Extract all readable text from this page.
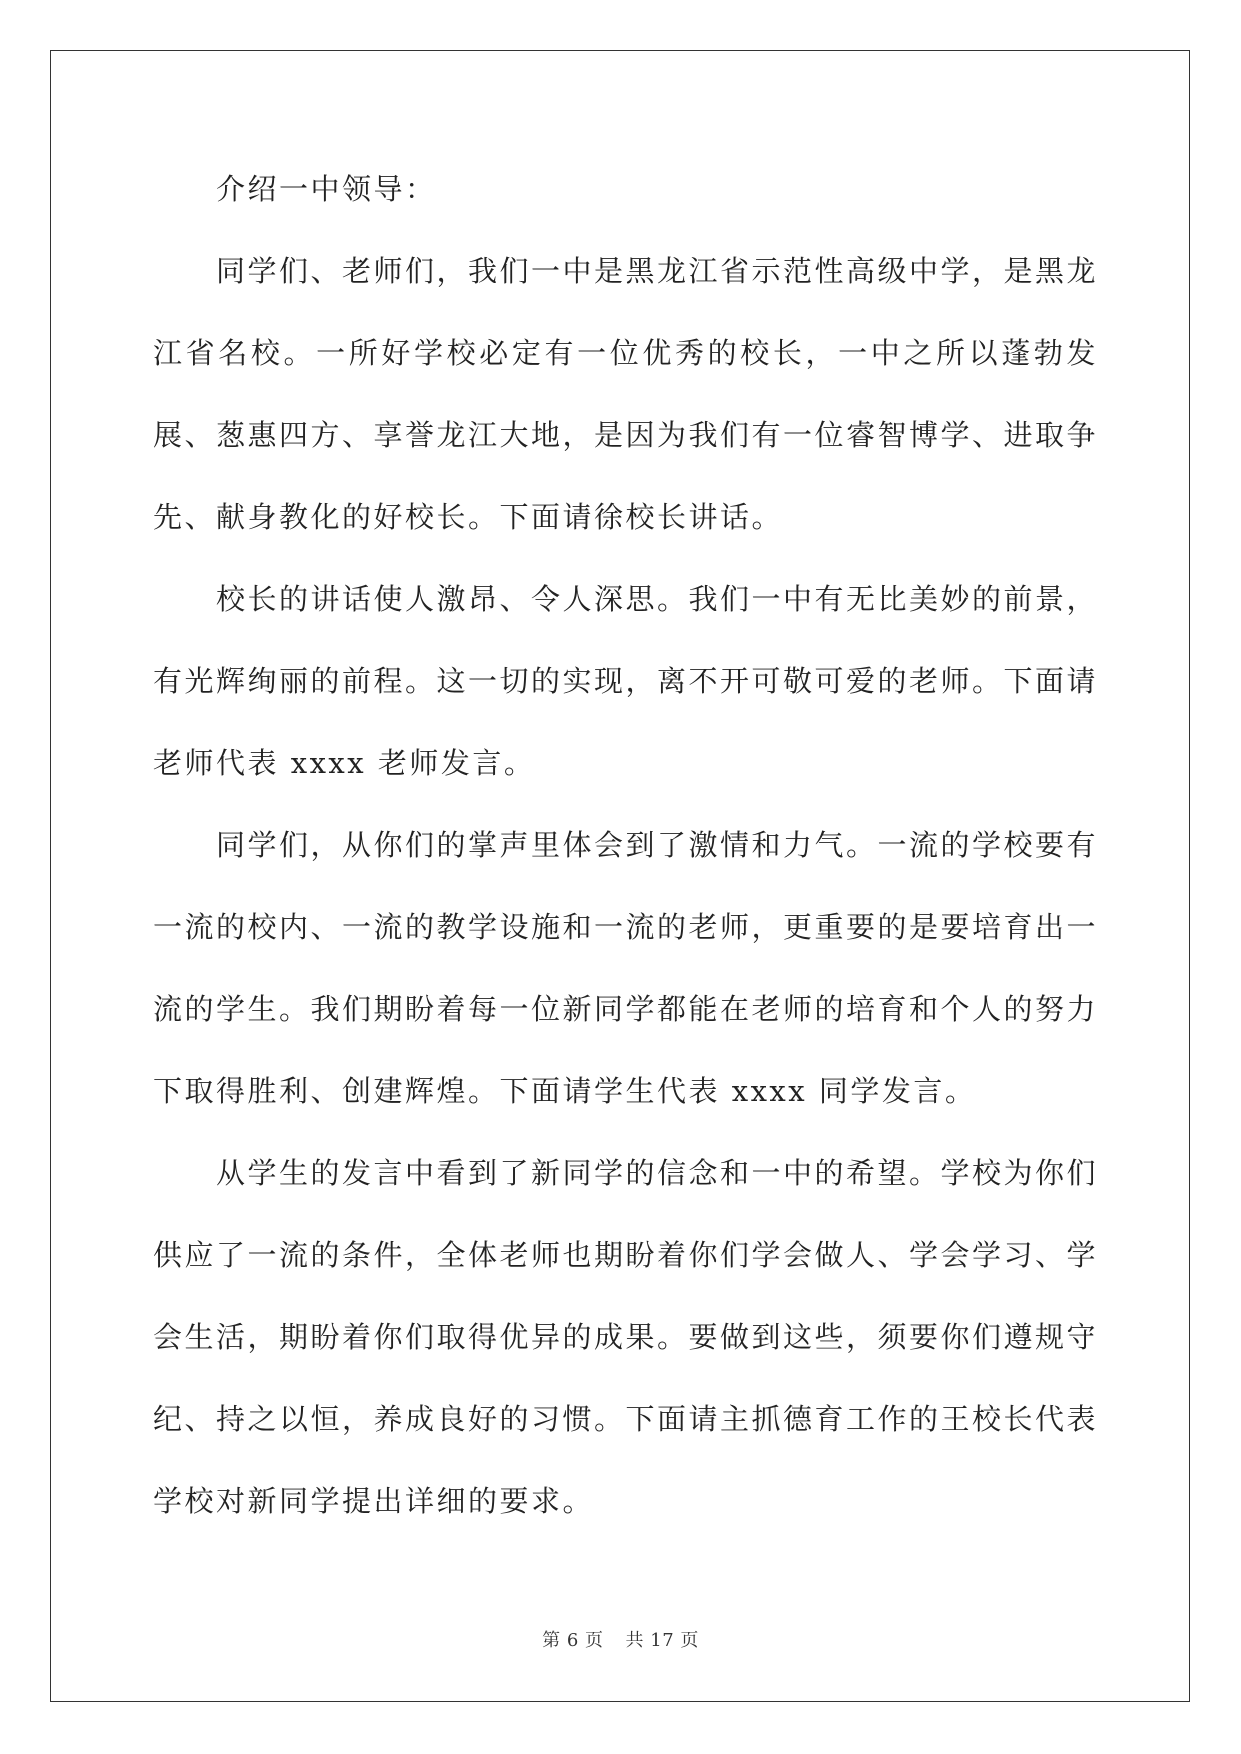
介绍一中领导：

同学们、老师们，我们一中是黑龙江省示范性高级中学，是黑龙江省名校。一所好学校必定有一位优秀的校长，一中之所以蓬勃发展、葱惠四方、享誉龙江大地，是因为我们有一位睿智博学、进取争先、献身教化的好校长。下面请徐校长讲话。

校长的讲话使人激昂、令人深思。我们一中有无比美妙的前景，有光辉绚丽的前程。这一切的实现，离不开可敬可爱的老师。下面请老师代表 xxxx 老师发言。

同学们，从你们的掌声里体会到了激情和力气。一流的学校要有一流的校内、一流的教学设施和一流的老师，更重要的是要培育出一流的学生。我们期盼着每一位新同学都能在老师的培育和个人的努力下取得胜利、创建辉煌。下面请学生代表 xxxx 同学发言。

从学生的发言中看到了新同学的信念和一中的希望。学校为你们供应了一流的条件，全体老师也期盼着你们学会做人、学会学习、学会生活，期盼着你们取得优异的成果。要做到这些，须要你们遵规守纪、持之以恒，养成良好的习惯。下面请主抓德育工作的王校长代表学校对新同学提出详细的要求。

第 6 页 共 17 页
